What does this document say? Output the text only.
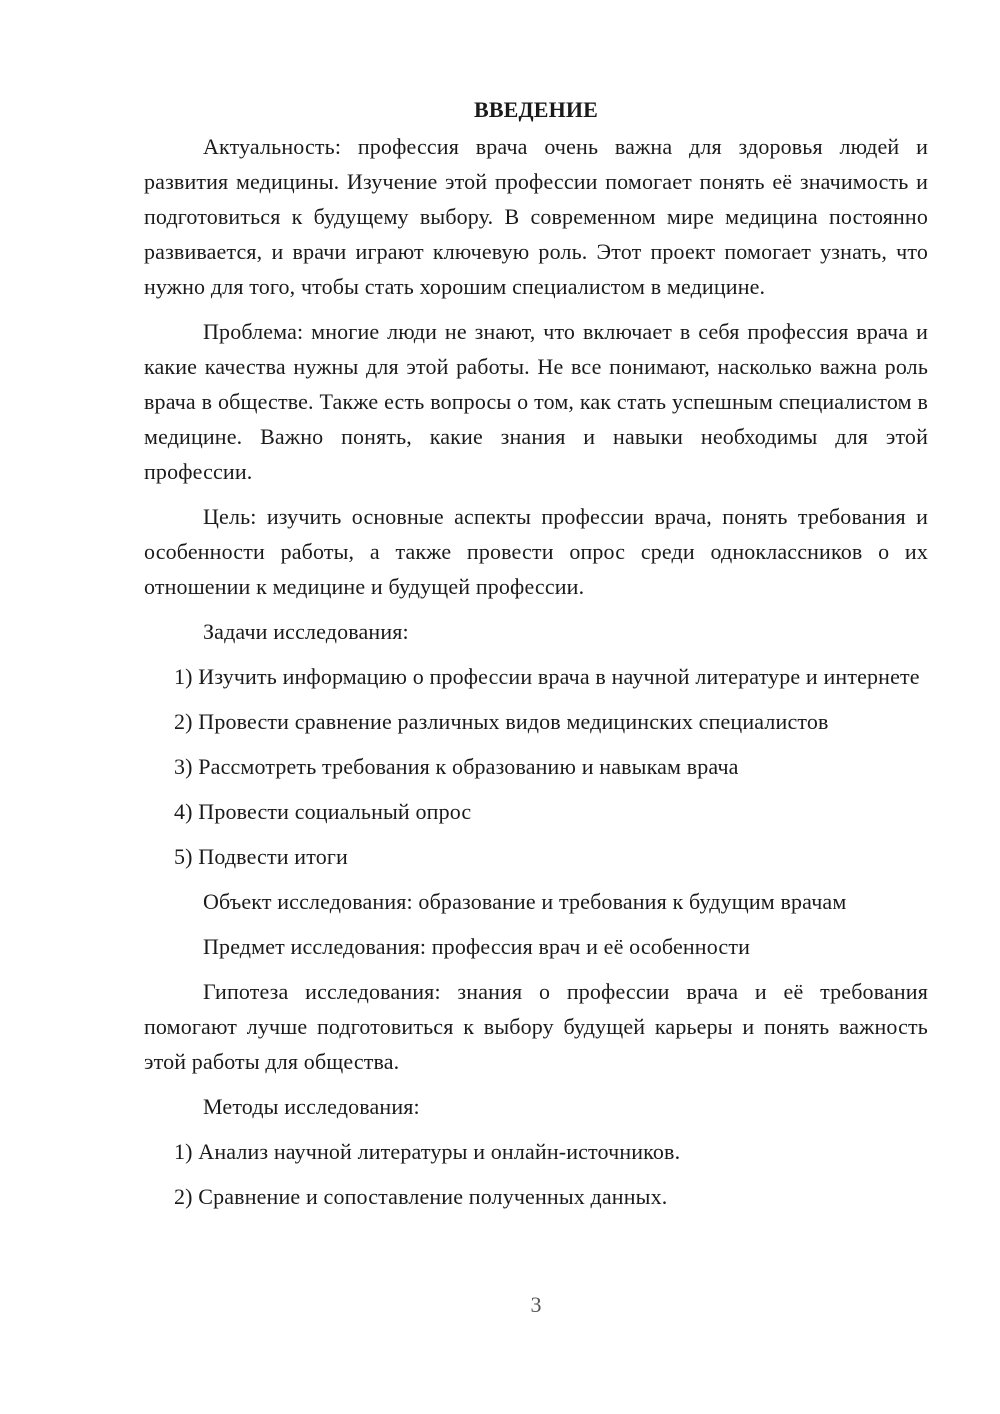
ВВЕДЕНИЕ

Актуальность: профессия врача очень важна для здоровья людей и развития медицины. Изучение этой профессии помогает понять её значимость и подготовиться к будущему выбору. В современном мире медицина постоянно развивается, и врачи играют ключевую роль. Этот проект помогает узнать, что нужно для того, чтобы стать хорошим специалистом в медицине.

Проблема: многие люди не знают, что включает в себя профессия врача и какие качества нужны для этой работы. Не все понимают, насколько важна роль врача в обществе. Также есть вопросы о том, как стать успешным специалистом в медицине. Важно понять, какие знания и навыки необходимы для этой профессии.

Цель: изучить основные аспекты профессии врача, понять требования и особенности работы, а также провести опрос среди одноклассников о их отношении к медицине и будущей профессии.

Задачи исследования:

1) Изучить информацию о профессии врача в научной литературе и интернете

2) Провести сравнение различных видов медицинских специалистов

3) Рассмотреть требования к образованию и навыкам врача

4) Провести социальный опрос

5) Подвести итоги

Объект исследования: образование и требования к будущим врачам

Предмет исследования: профессия врач и её особенности

Гипотеза исследования: знания о профессии врача и её требования помогают лучше подготовиться к выбору будущей карьеры и понять важность этой работы для общества.

Методы исследования:

1) Анализ научной литературы и онлайн-источников.

2) Сравнение и сопоставление полученных данных.

3
